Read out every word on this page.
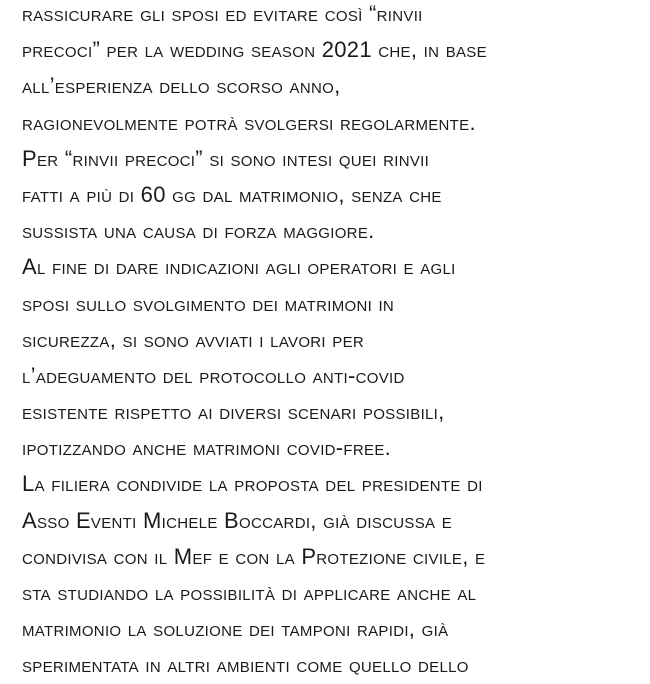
rassicurare gli sposi ed evitare così “rinvii
precoci” per la wedding season 2021 che, in base
all’esperienza dello scorso anno,
ragionevolmente potrà svolgersi regolarmente.
Per “rinvii precoci” si sono intesi quei rinvii
fatti a più di 60 gg dal matrimonio, senza che
sussista una causa di forza maggiore.
Al fine di dare indicazioni agli operatori e agli
sposi sullo svolgimento dei matrimoni in
sicurezza, si sono avviati i lavori per
l’adeguamento del protocollo anti-covid
esistente rispetto ai diversi scenari possibili,
ipotizzando anche matrimoni covid-free.
La filiera condivide la proposta del presidente di
Asso Eventi Michele Boccardi, già discussa e
condivisa con il Mef e con la Protezione civile, e
sta studiando la possibilità di applicare anche al
matrimonio la soluzione dei tamponi rapidi, già
sperimentata in altri ambienti come quello dello
